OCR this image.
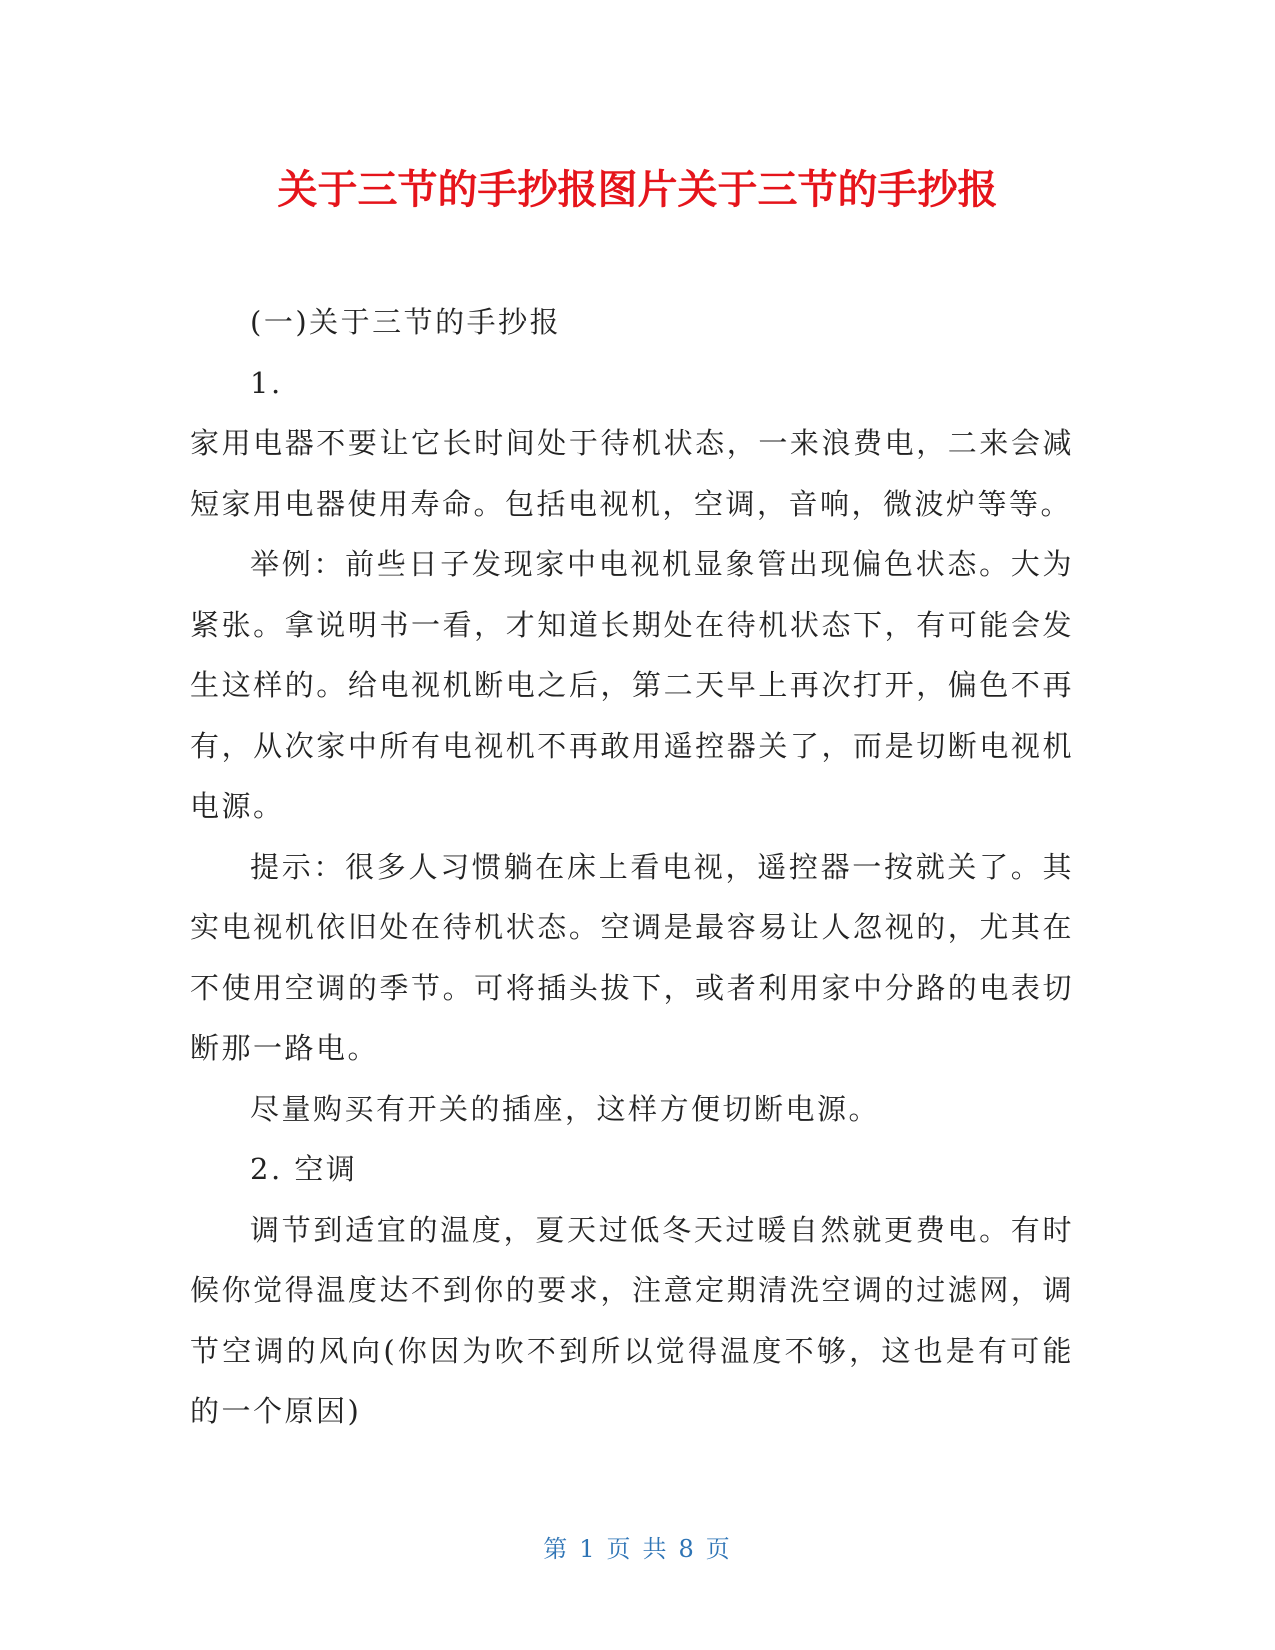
关于三节的手抄报图片关于三节的手抄报

(一)关于三节的手抄报

1.

家用电器不要让它长时间处于待机状态，一来浪费电，二来会减短家用电器使用寿命。包括电视机，空调，音响，微波炉等等。

举例：前些日子发现家中电视机显象管出现偏色状态。大为紧张。拿说明书一看，才知道长期处在待机状态下，有可能会发生这样的。给电视机断电之后，第二天早上再次打开，偏色不再有，从次家中所有电视机不再敢用遥控器关了，而是切断电视机电源。

提示：很多人习惯躺在床上看电视，遥控器一按就关了。其实电视机依旧处在待机状态。空调是最容易让人忽视的，尤其在不使用空调的季节。可将插头拔下，或者利用家中分路的电表切断那一路电。

尽量购买有开关的插座，这样方便切断电源。

2. 空调

调节到适宜的温度，夏天过低冬天过暖自然就更费电。有时候你觉得温度达不到你的要求，注意定期清洗空调的过滤网，调节空调的风向(你因为吹不到所以觉得温度不够，这也是有可能的一个原因)

第 1 页 共 8 页
